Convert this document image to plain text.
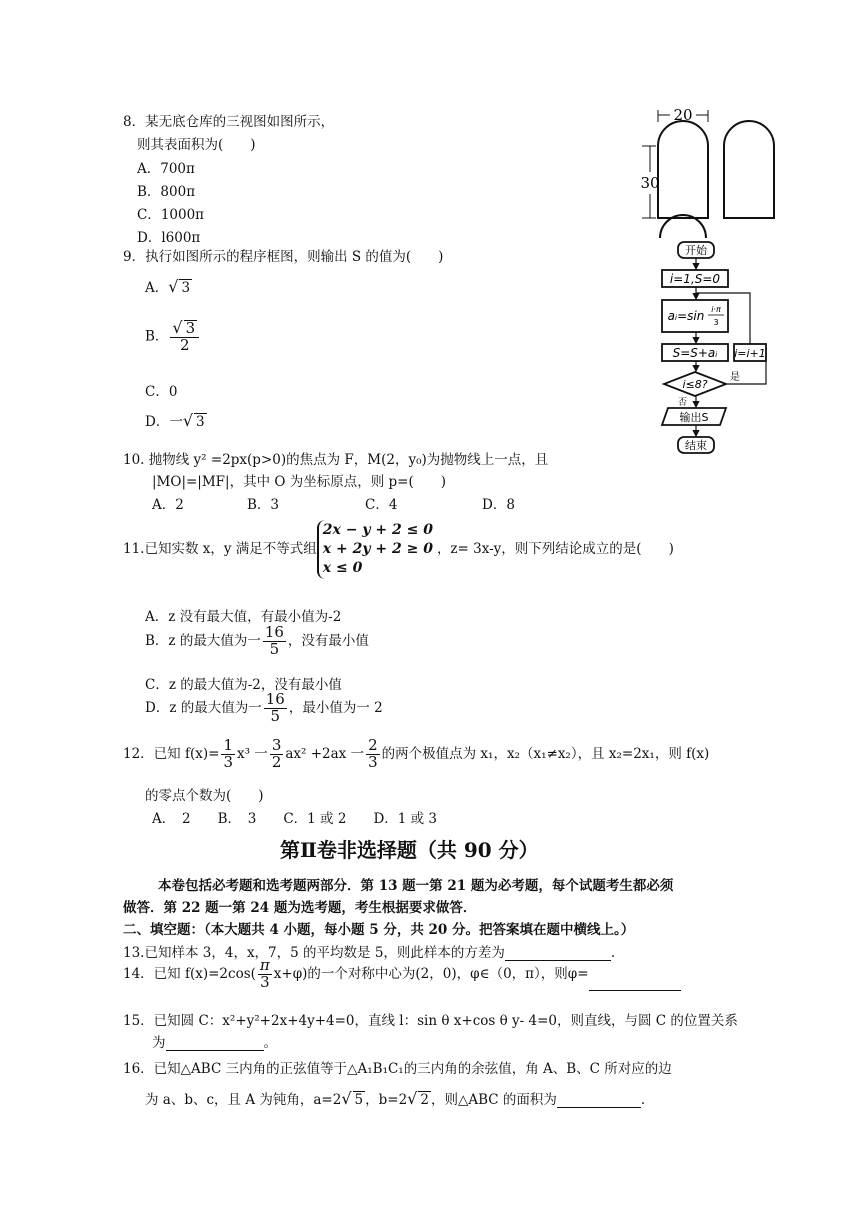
8．某无底仓库的三视图如图所示，
则其表面积为(　　)
A．700π
B．800π
C．1000π
D．l600π
20
30
9．执行如图所示的程序框图，则输出 S 的值为(　　)
A．√ 3
B． $\frac{√ 3}{2}$
C．0
D．一√ 3
开始
i=1,S=0
aᵢ=sin i·π
3
S=S+aᵢ i=i+1
i≤8?
是
否
输出S
结束
10. 抛物线 y² =2px(p>0)的焦点为 F，M(2，y₀)为抛物线上一点，且
|MO|=|MF|，其中 O 为坐标原点，则 p=(　　)
A．2	B．3	C．4	D．8
11.已知实数 x，y 满足不等式组
2x − y + 2 ≤ 0
x + 2y + 2 ≥ 0
x ≤ 0
，z= 3x-y，则下列结论成立的是(　　)
A．z 没有最大值，有最小值为-2
B．z 的最大值为一 $\frac{16}{5}$ ，没有最小值
C．z 的最大值为-2，没有最小值
D．z 的最大值为一 $\frac{16}{5}$ ，最小值为一 2
12．已知 $f(x)= \frac{1}{3} x^3$ 一 $\frac{3}{2} ax^2 +2ax$ 一 $\frac{2}{3}$ 的两个极值点为 x₁，x₂（x₁≠x₂），且 x₂=2x₁，则 f(x)
的零点个数为(　　)
A．　2　　B．　3　　C．1 或 2　　D．1 或 3
第Ⅱ卷非选择题（共 90 分）
本卷包括必考题和选考题两部分．第 13 题一第 21 题为必考题，每个试题考生都必须
做答．第 22 题一第 24 题为选考题，考生根据要求做答．
二、填空题：（本大题共 4 小题，每小题 5 分，共 20 分。把答案填在题中横线上。）
13.已知样本 3，4，x，7，5 的平均数是 5，则此样本的方差为	.
14．已知 $f(x)=2\cos( \frac{\pi}{3} x+\varphi)$的一个对称中心为(2，0)，φ∈（0，π），则φ=
15．已知圆 C：x²+y²+2x+4y+4=0，直线 l：sin θ x+cos θ y- 4=0，则直线，与圆 C 的位置关系
为	。
16．已知△ABC 三内角的正弦值等于△A₁B₁C₁的三内角的余弦值，角 A、B、C 所对应的边
为 a、b、c，且 A 为钝角，a=2√ 5 ，b=2√ 2 ，则△ABC 的面积为	.
